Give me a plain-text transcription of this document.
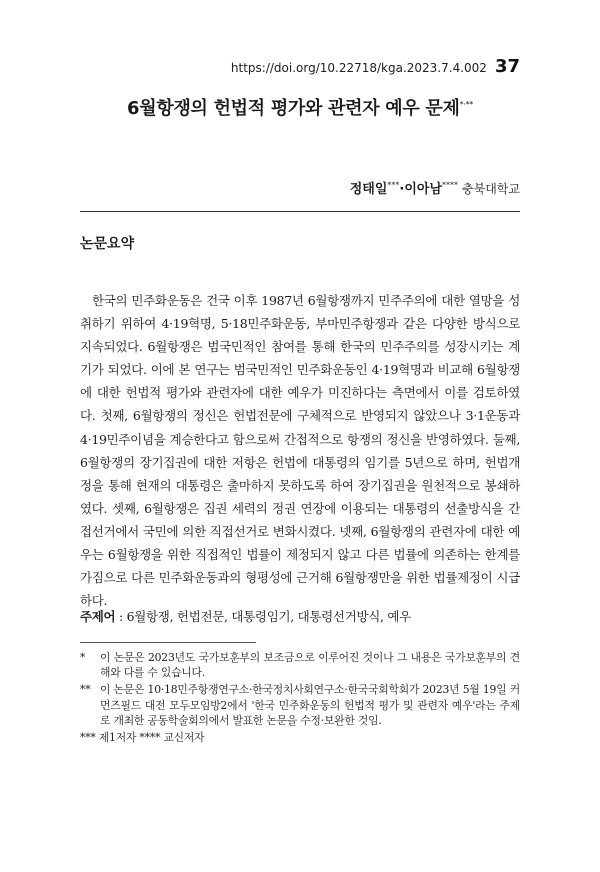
https://doi.org/10.22718/kga.2023.7.4.002 37
6월항쟁의 헌법적 평가와 관련자 예우 문제*·**
정태일***·이아남**** 충북대학교
논문요약

한국의 민주화운동은 건국 이후 1987년 6월항쟁까지 민주주의에 대한 열망을 성취하기 위하여 4·19혁명, 5·18민주화운동, 부마민주항쟁과 같은 다양한 방식으로 지속되었다. 6월항쟁은 범국민적인 참여를 통해 한국의 민주주의를 성장시키는 계기가 되었다. 이에 본 연구는 범국민적인 민주화운동인 4·19혁명과 비교해 6월항쟁에 대한 헌법적 평가와 관련자에 대한 예우가 미진하다는 측면에서 이를 검토하였다. 첫째, 6월항쟁의 정신은 헌법전문에 구체적으로 반영되지 않았으나 3·1운동과 4·19민주이념을 계승한다고 함으로써 간접적으로 항쟁의 정신을 반영하였다. 둘째, 6월항쟁의 장기집권에 대한 저항은 헌법에 대통령의 임기를 5년으로 하며, 헌법개정을 통해 현재의 대통령은 출마하지 못하도록 하여 장기집권을 원천적으로 봉쇄하였다. 셋째, 6월항쟁은 집권 세력의 정권 연장에 이용되는 대통령의 선출방식을 간접선거에서 국민에 의한 직접선거로 변화시켰다. 넷째, 6월항쟁의 관련자에 대한 예우는 6월항쟁을 위한 직접적인 법률이 제정되지 않고 다른 법률에 의존하는 한계를 가짐으로 다른 민주화운동과의 형평성에 근거해 6월항쟁만을 위한 법률제정이 시급하다.

주제어 : 6월항쟁, 헌법전문, 대통령임기, 대통령선거방식, 예우
*	이 논문은 2023년도 국가보훈부의 보조금으로 이루어진 것이나 그 내용은 국가보훈부의 견해와 다를 수 있습니다.
** 이 논문은 10·18민주항쟁연구소·한국정치사회연구소·한국국회학회가 2023년 5월 19일 커먼즈필드 대전 모두모임방2에서 '한국 민주화운동의 헌법적 평가 및 관련자 예우'라는 주제로 개최한 공동학술회의에서 발표한 논문을 수정·보완한 것임.
*** 제1저자 **** 교신저자
